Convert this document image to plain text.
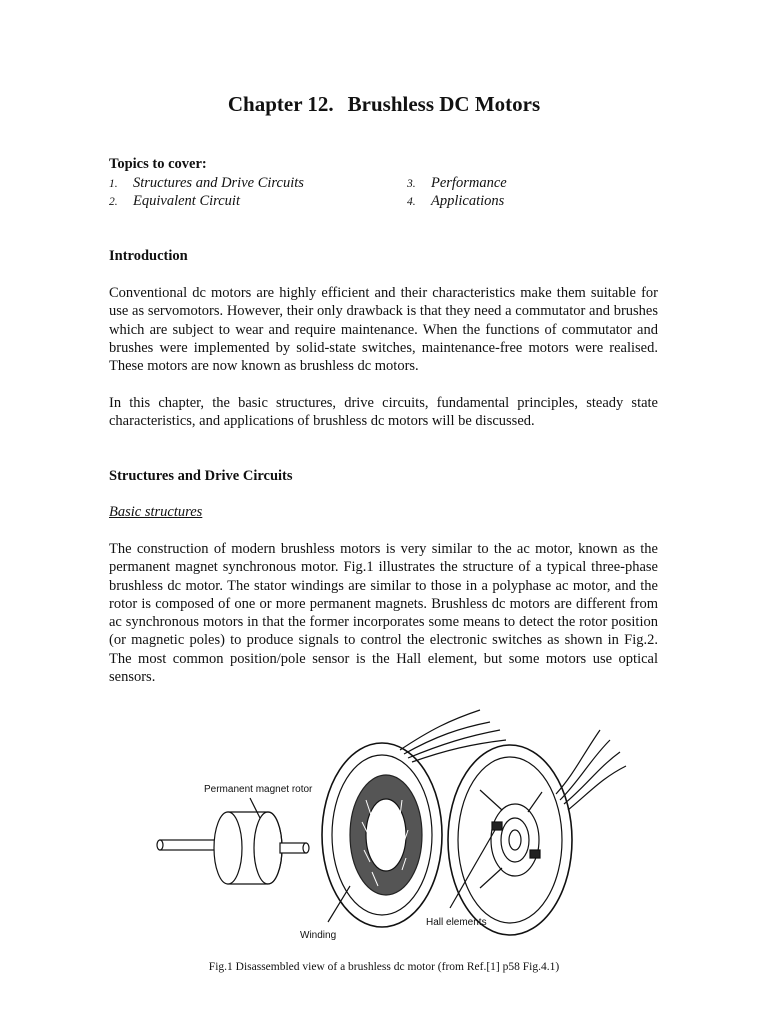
Chapter 12. Brushless DC Motors
Topics to cover:
1. Structures and Drive Circuits
2. Equivalent Circuit
3. Performance
4. Applications
Introduction

Conventional dc motors are highly efficient and their characteristics make them suitable for use as servomotors. However, their only drawback is that they need a commutator and brushes which are subject to wear and require maintenance. When the functions of commutator and brushes were implemented by solid-state switches, maintenance-free motors were realised. These motors are now known as brushless dc motors.

In this chapter, the basic structures, drive circuits, fundamental principles, steady state characteristics, and applications of brushless dc motors will be discussed.

Structures and Drive Circuits
Basic structures

The construction of modern brushless motors is very similar to the ac motor, known as the permanent magnet synchronous motor. Fig.1 illustrates the structure of a typical three-phase brushless dc motor. The stator windings are similar to those in a polyphase ac motor, and the rotor is composed of one or more permanent magnets. Brushless dc motors are different from ac synchronous motors in that the former incorporates some means to detect the rotor position (or magnetic poles) to produce signals to control the electronic switches as shown in Fig.2. The most common position/pole sensor is the Hall element, but some motors use optical sensors.

Permanent magnet rotor
Winding
Hall elements
Fig.1 Disassembled view of a brushless dc motor (from Ref.[1] p58 Fig.4.1)
